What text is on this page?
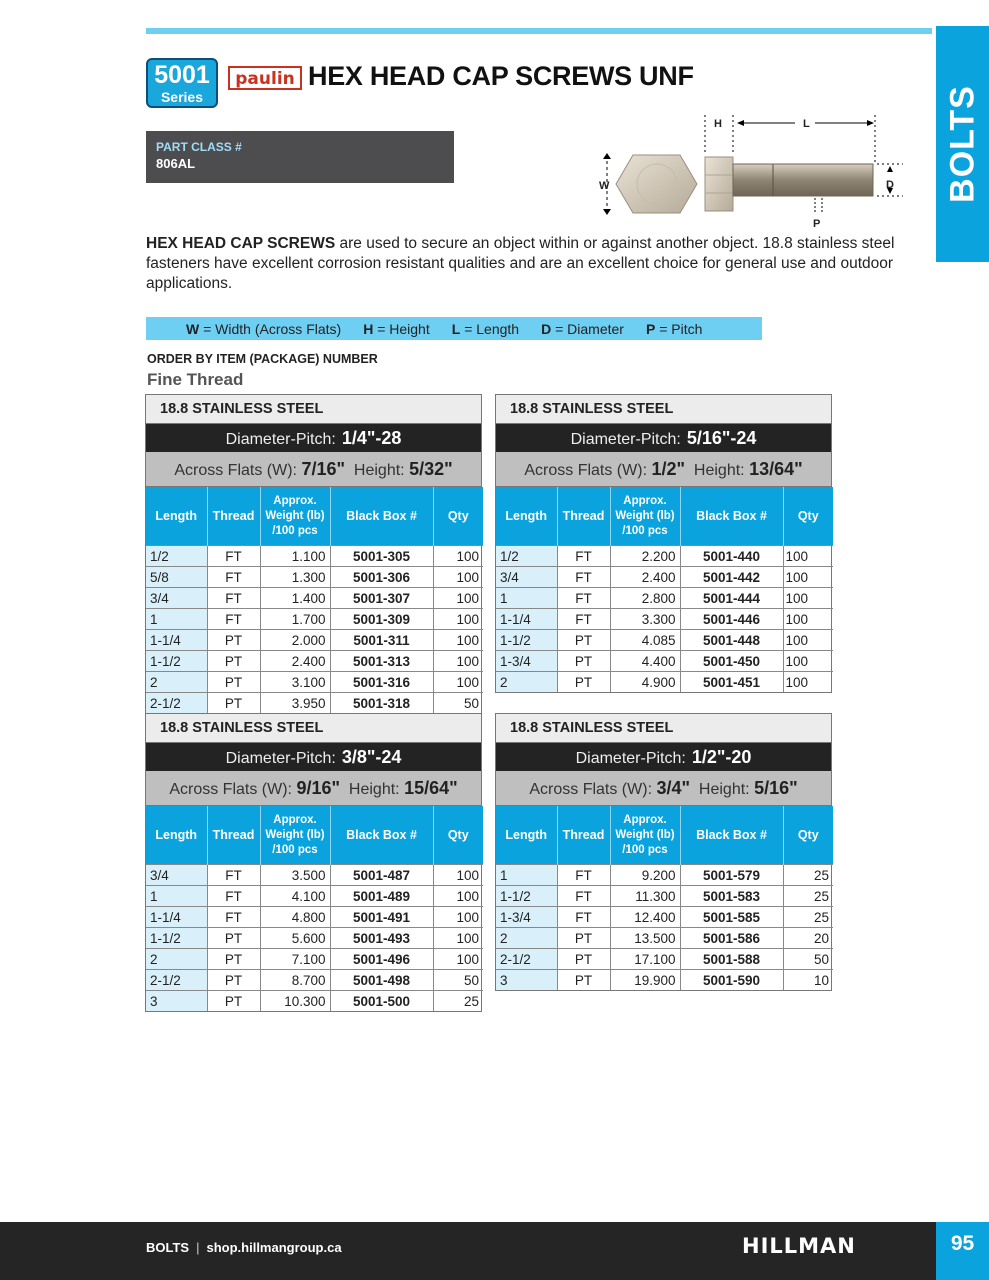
BOLTS
5001
Series
paulin HEX HEAD CAP SCREWS UNF
PART CLASS #
806AL
W
H	L
D
P
HEX HEAD CAP SCREWS are used to secure an object within or against another object. 18.8 stainless steel fasteners have excellent corrosion resistant qualities and are an excellent choice for general use and outdoor applications.
W = Width (Across Flats) H = Height L = Length D = Diameter P = Pitch
ORDER BY ITEM (PACKAGE) NUMBER
Fine Thread
18.8 STAINLESS STEEL
Diameter-Pitch: 1/4"-28
Across Flats (W): 7/16" Height: 5/32"
Length	Thread	Approx.
Weight (lb)
/100 pcs	Black Box #	Qty
1/2	FT	1.100	5001-305	100
5/8	FT	1.300	5001-306	100
3/4	FT	1.400	5001-307	100
1	FT	1.700	5001-309	100
1-1/4	PT	2.000	5001-311	100
1-1/2	PT	2.400	5001-313	100
2	PT	3.100	5001-316	100
2-1/2	PT	3.950	5001-318	50
18.8 STAINLESS STEEL
Diameter-Pitch: 5/16"-24
Across Flats (W): 1/2" Height: 13/64"
Length	Thread	Approx.
Weight (lb)
/100 pcs	Black Box #	Qty
1/2	FT	2.200	5001-440	100
3/4	FT	2.400	5001-442	100
1	FT	2.800	5001-444	100
1-1/4	FT	3.300	5001-446	100
1-1/2	PT	4.085	5001-448	100
1-3/4	PT	4.400	5001-450	100
2	PT	4.900	5001-451	100
18.8 STAINLESS STEEL
Diameter-Pitch: 3/8"-24
Across Flats (W): 9/16" Height: 15/64"
Length	Thread	Approx.
Weight (lb)
/100 pcs	Black Box #	Qty
3/4	FT	3.500	5001-487	100
1	FT	4.100	5001-489	100
1-1/4	FT	4.800	5001-491	100
1-1/2	PT	5.600	5001-493	100
2	PT	7.100	5001-496	100
2-1/2	PT	8.700	5001-498	50
3	PT	10.300	5001-500	25
18.8 STAINLESS STEEL
Diameter-Pitch: 1/2"-20
Across Flats (W): 3/4" Height: 5/16"
Length	Thread	Approx.
Weight (lb)
/100 pcs	Black Box #	Qty
1	FT	9.200	5001-579	25
1-1/2	FT	11.300	5001-583	25
1-3/4	FT	12.400	5001-585	25
2	PT	13.500	5001-586	20
2-1/2	PT	17.100	5001-588	50
3	PT	19.900	5001-590	10
BOLTS | shop.hillmangroup.ca	HILLMAN	95
